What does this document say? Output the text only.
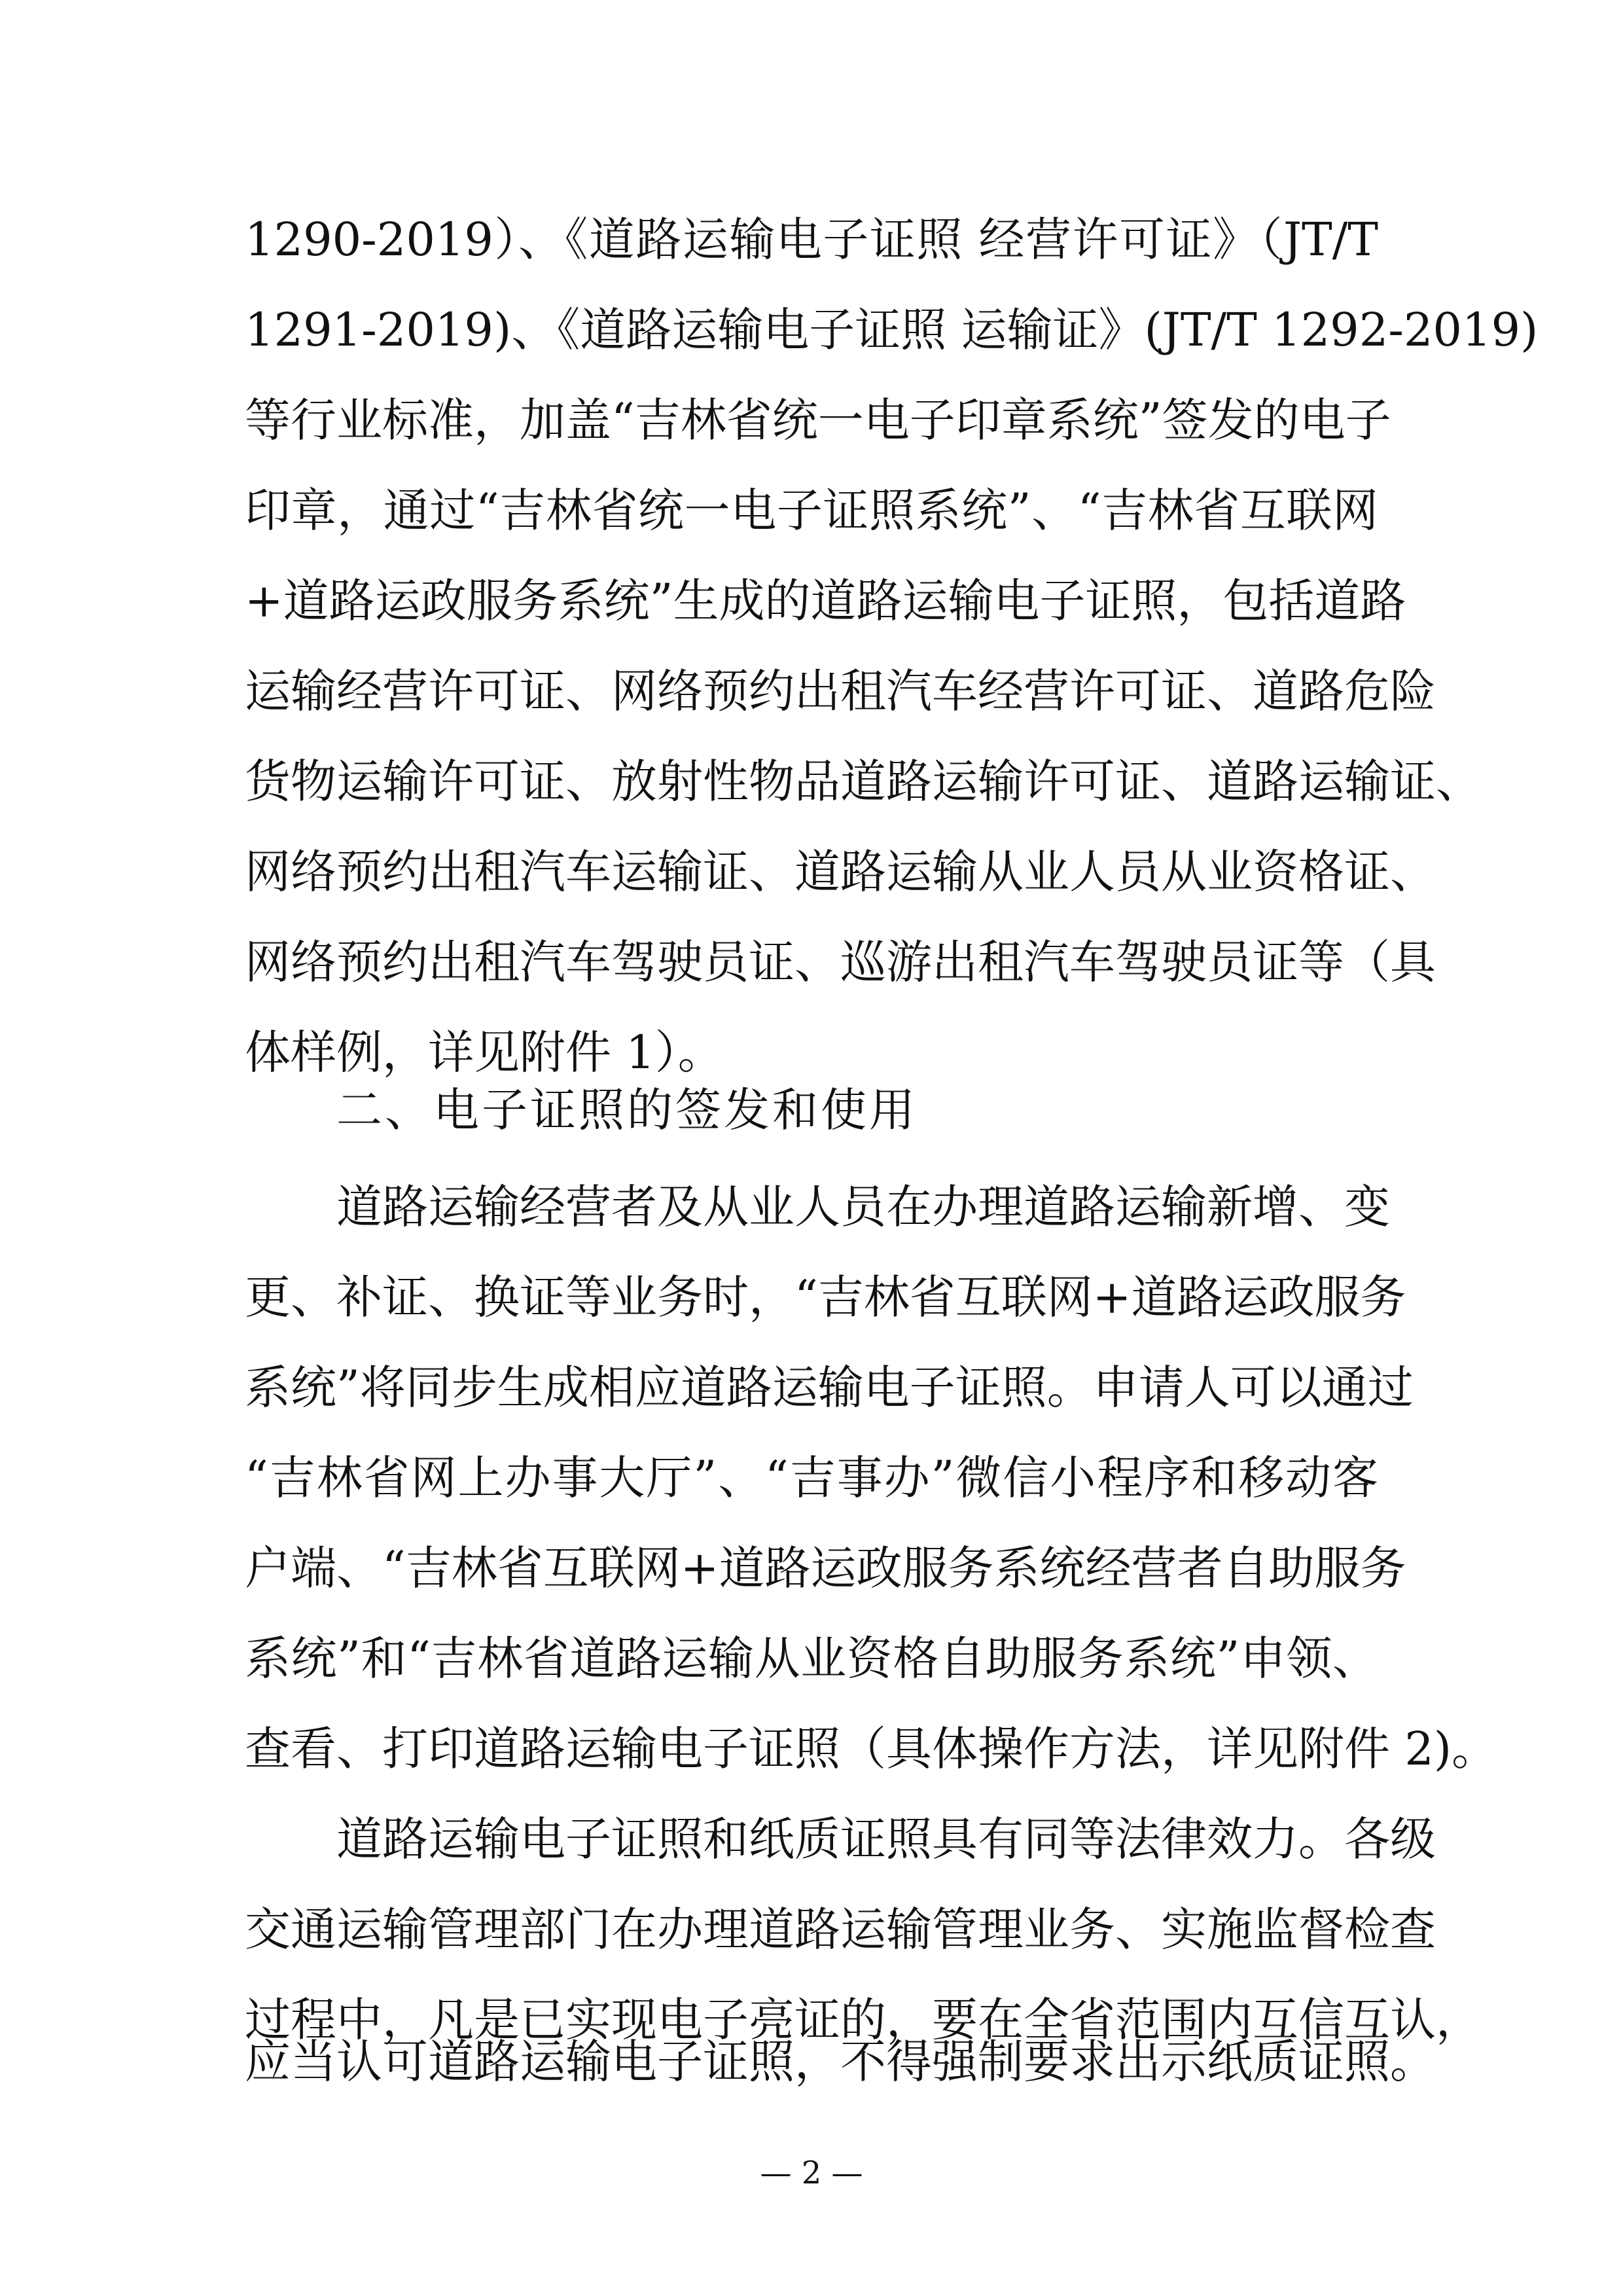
1290-2019）、《道路运输电子证照 经营许可证》（JT/T
1291-2019)、《道路运输电子证照 运输证》(JT/T 1292-2019)
等行业标准，加盖“吉林省统一电子印章系统”签发的电子
印章，通过“吉林省统一电子证照系统”、“吉林省互联网
+道路运政服务系统”生成的道路运输电子证照，包括道路
运输经营许可证、网络预约出租汽车经营许可证、道路危险
货物运输许可证、放射性物品道路运输许可证、道路运输证、
网络预约出租汽车运输证、道路运输从业人员从业资格证、
网络预约出租汽车驾驶员证、巡游出租汽车驾驶员证等（具
体样例，详见附件 1）。
二、电子证照的签发和使用
道路运输经营者及从业人员在办理道路运输新增、变
更、补证、换证等业务时，“吉林省互联网+道路运政服务
系统”将同步生成相应道路运输电子证照。申请人可以通过
“吉林省网上办事大厅”、“吉事办”微信小程序和移动客
户端、“吉林省互联网+道路运政服务系统经营者自助服务
系统”和“吉林省道路运输从业资格自助服务系统”申领、
查看、打印道路运输电子证照（具体操作方法，详见附件 2)。
道路运输电子证照和纸质证照具有同等法律效力。各级
交通运输管理部门在办理道路运输管理业务、实施监督检查
过程中，凡是已实现电子亮证的，要在全省范围内互信互认，
应当认可道路运输电子证照，不得强制要求出示纸质证照。
— 2 —
